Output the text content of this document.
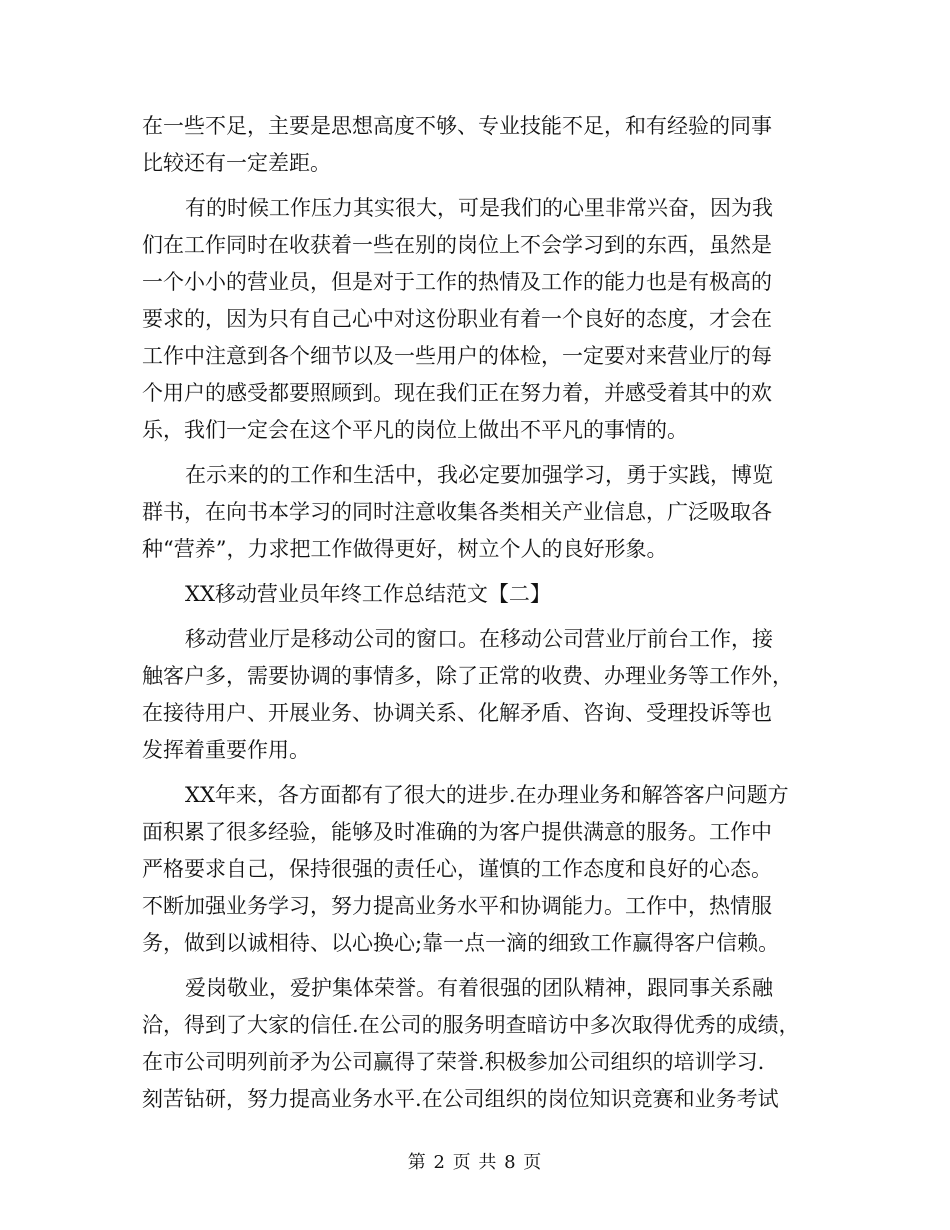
在一些不足，主要是思想高度不够、专业技能不足，和有经验的同事
比较还有一定差距。
有的时候工作压力其实很大，可是我们的心里非常兴奋，因为我
们在工作同时在收获着一些在别的岗位上不会学习到的东西，虽然是
一个小小的营业员，但是对于工作的热情及工作的能力也是有极高的
要求的，因为只有自己心中对这份职业有着一个良好的态度，才会在
工作中注意到各个细节以及一些用户的体检，一定要对来营业厅的每
个用户的感受都要照顾到。现在我们正在努力着，并感受着其中的欢
乐，我们一定会在这个平凡的岗位上做出不平凡的事情的。
在示来的的工作和生活中，我必定要加强学习，勇于实践，博览
群书，在向书本学习的同时注意收集各类相关产业信息，广泛吸取各
种“营养”，力求把工作做得更好，树立个人的良好形象。
XX移动营业员年终工作总结范文【二】
移动营业厅是移动公司的窗口。在移动公司营业厅前台工作，接
触客户多，需要协调的事情多，除了正常的收费、办理业务等工作外，
在接待用户、开展业务、协调关系、化解矛盾、咨询、受理投诉等也
发挥着重要作用。
XX年来，各方面都有了很大的进步.在办理业务和解答客户问题方
面积累了很多经验，能够及时准确的为客户提供满意的服务。工作中
严格要求自己，保持很强的责任心，谨慎的工作态度和良好的心态。
不断加强业务学习，努力提高业务水平和协调能力。工作中，热情服
务，做到以诚相待、以心换心;靠一点一滴的细致工作赢得客户信赖。
爱岗敬业，爱护集体荣誉。有着很强的团队精神，跟同事关系融
洽，得到了大家的信任.在公司的服务明查暗访中多次取得优秀的成绩，
在市公司明列前矛为公司赢得了荣誉.积极参加公司组织的培训学习.
刻苦钻研，努力提高业务水平.在公司组织的岗位知识竞赛和业务考试
第 2 页 共 8 页
